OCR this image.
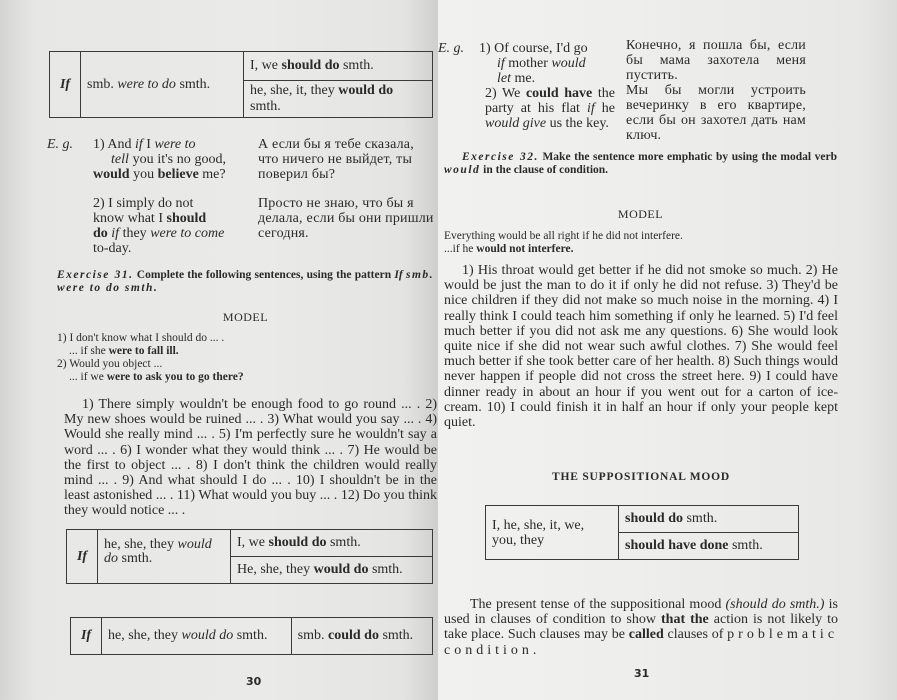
If	smb. were to do smth.	I, we should do smth.
he, she, it, they would do smth.
E. g. 1) And if I were to
tell you it's no good, would you believe me?
А если бы я тебе сказала, что ничего не выйдет, ты поверил бы?
2) I simply do not know what I should
do if they were to come to-day.
Просто не знаю, что бы я делала, если бы они пришли сегодня.
Exercise 31. Complete the following sentences, using the pattern If smb. were to do smth.
MODEL
1) I don't know what I should do ... .
... if she were to fall ill.
2) Would you object ...
... if we were to ask you to go there?
1) There simply wouldn't be enough food to go round ... . 2) My new shoes would be ruined ... . 3) What would you say ... . 4) Would she really mind ... . 5) I'm perfectly sure he wouldn't say a word ... . 6) I wonder what they would think ... . 7) He would be the first to object ... . 8) I don't think the children would really mind ... . 9) And what should I do ... . 10) I shouldn't be in the least astonished ... . 11) What would you buy ... . 12) Do you think they would notice ... .
If	he, she, they would do smth.	I, we should do smth.
He, she, they would do smth.
If	he, she, they would do smth.	smb. could do smth.
30
E. g. 1) Of course, I'd go
if mother would
let me.
Конечно, я пошла бы, если бы мама захотела меня пустить.
2) We could have the party at his flat if he would give us the key.
Мы бы могли устроить вечеринку в его квартире, если бы он захотел дать нам ключ.
Exercise 32. Make the sentence more emphatic by using the modal verb would in the clause of condition.
MODEL
Everything would be all right if he did not interfere.
...if he would not interfere.
1) His throat would get better if he did not smoke so much. 2) He would be just the man to do it if only he did not refuse. 3) They'd be nice children if they did not make so much noise in the morning. 4) I really think I could teach him something if only he learned. 5) I'd feel much better if you did not ask me any questions. 6) She would look quite nice if she did not wear such awful clothes. 7) She would feel much better if she took better care of her health. 8) Such things would never happen if people did not cross the street here. 9) I could have dinner ready in about an hour if you went out for a carton of ice-cream. 10) I could finish it in half an hour if only your people kept quiet.
THE SUPPOSITIONAL MOOD
I, he, she, it, we, you, they	should do smth.
should have done smth.
The present tense of the suppositional mood (should do smth.) is used in clauses of condition to show that the action is not likely to take place. Such clauses may be called clauses of problematic condition.
31
